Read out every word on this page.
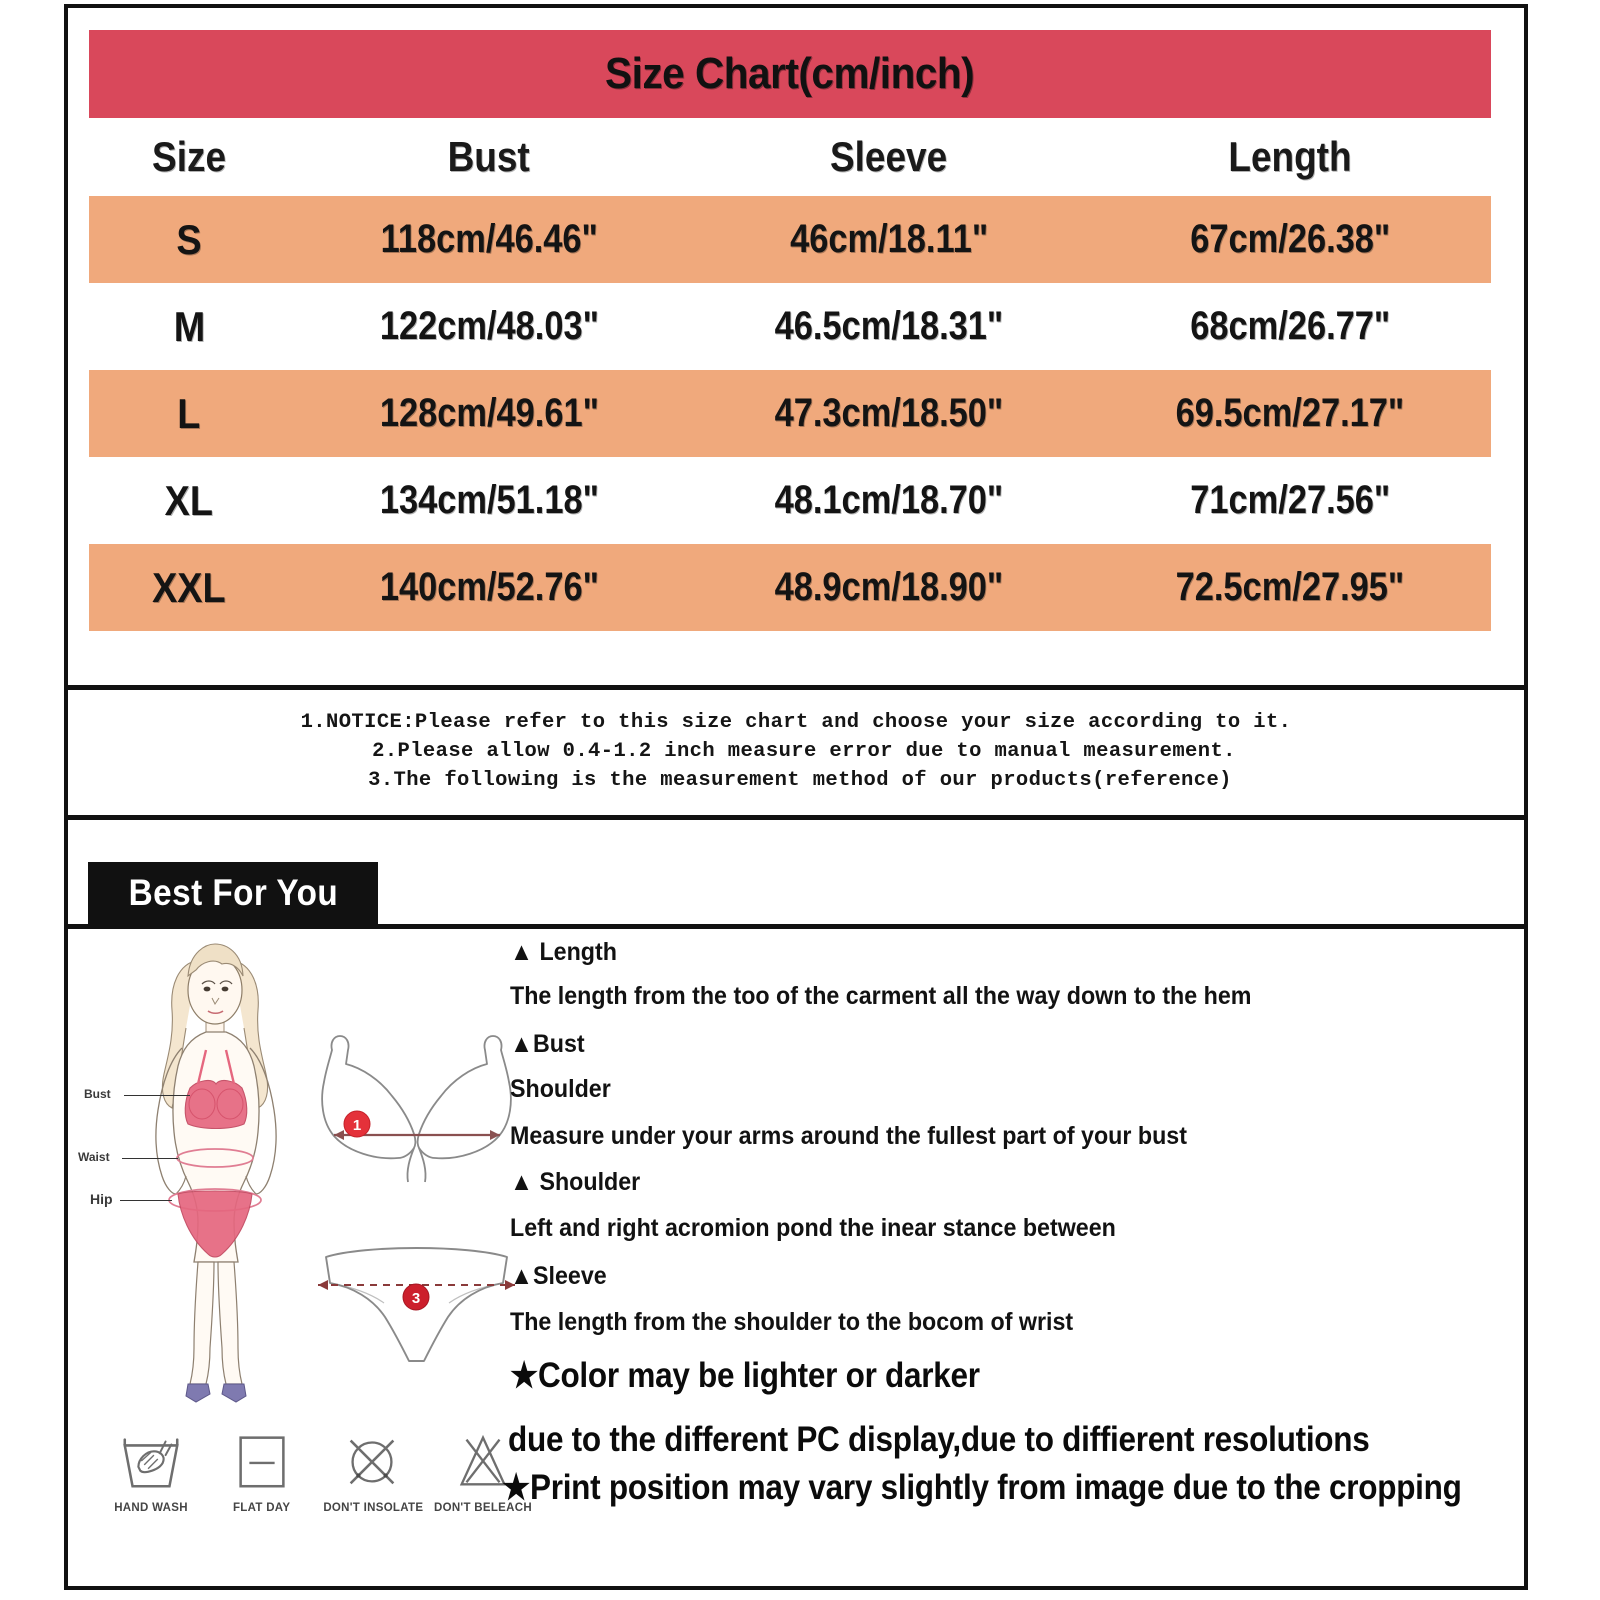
Size Chart(cm/inch)			
Size	Bust	Sleeve	Length
S	118cm/46.46"	46cm/18.11"	67cm/26.38"
M	122cm/48.03"	46.5cm/18.31"	68cm/26.77"
L	128cm/49.61"	47.3cm/18.50"	69.5cm/27.17"
XL	134cm/51.18"	48.1cm/18.70"	71cm/27.56"
XXL	140cm/52.76"	48.9cm/18.90"	72.5cm/27.95"
1.NOTICE:Please refer to this size chart and choose your size according to it.
2.Please allow 0.4-1.2 inch measure error due to manual measurement.
3.The following is the measurement method of our products(reference)
Best For You
Bust
Waist
Hip
1
3
HAND WASH	FLAT DAY	DON'T INSOLATE DON'T BELEACH
▲ Length
The length from the too of the carment all the way down to the hem
▲Bust
Shoulder
Measure under your arms around the fullest part of your bust
▲ Shoulder
Left and right acromion pond the inear stance between
▲Sleeve
The length from the shoulder to the bocom of wrist
★Color may be lighter or darker
due to the different PC display,due to diffierent resolutions
★Print position may vary slightly from image due to the cropping
